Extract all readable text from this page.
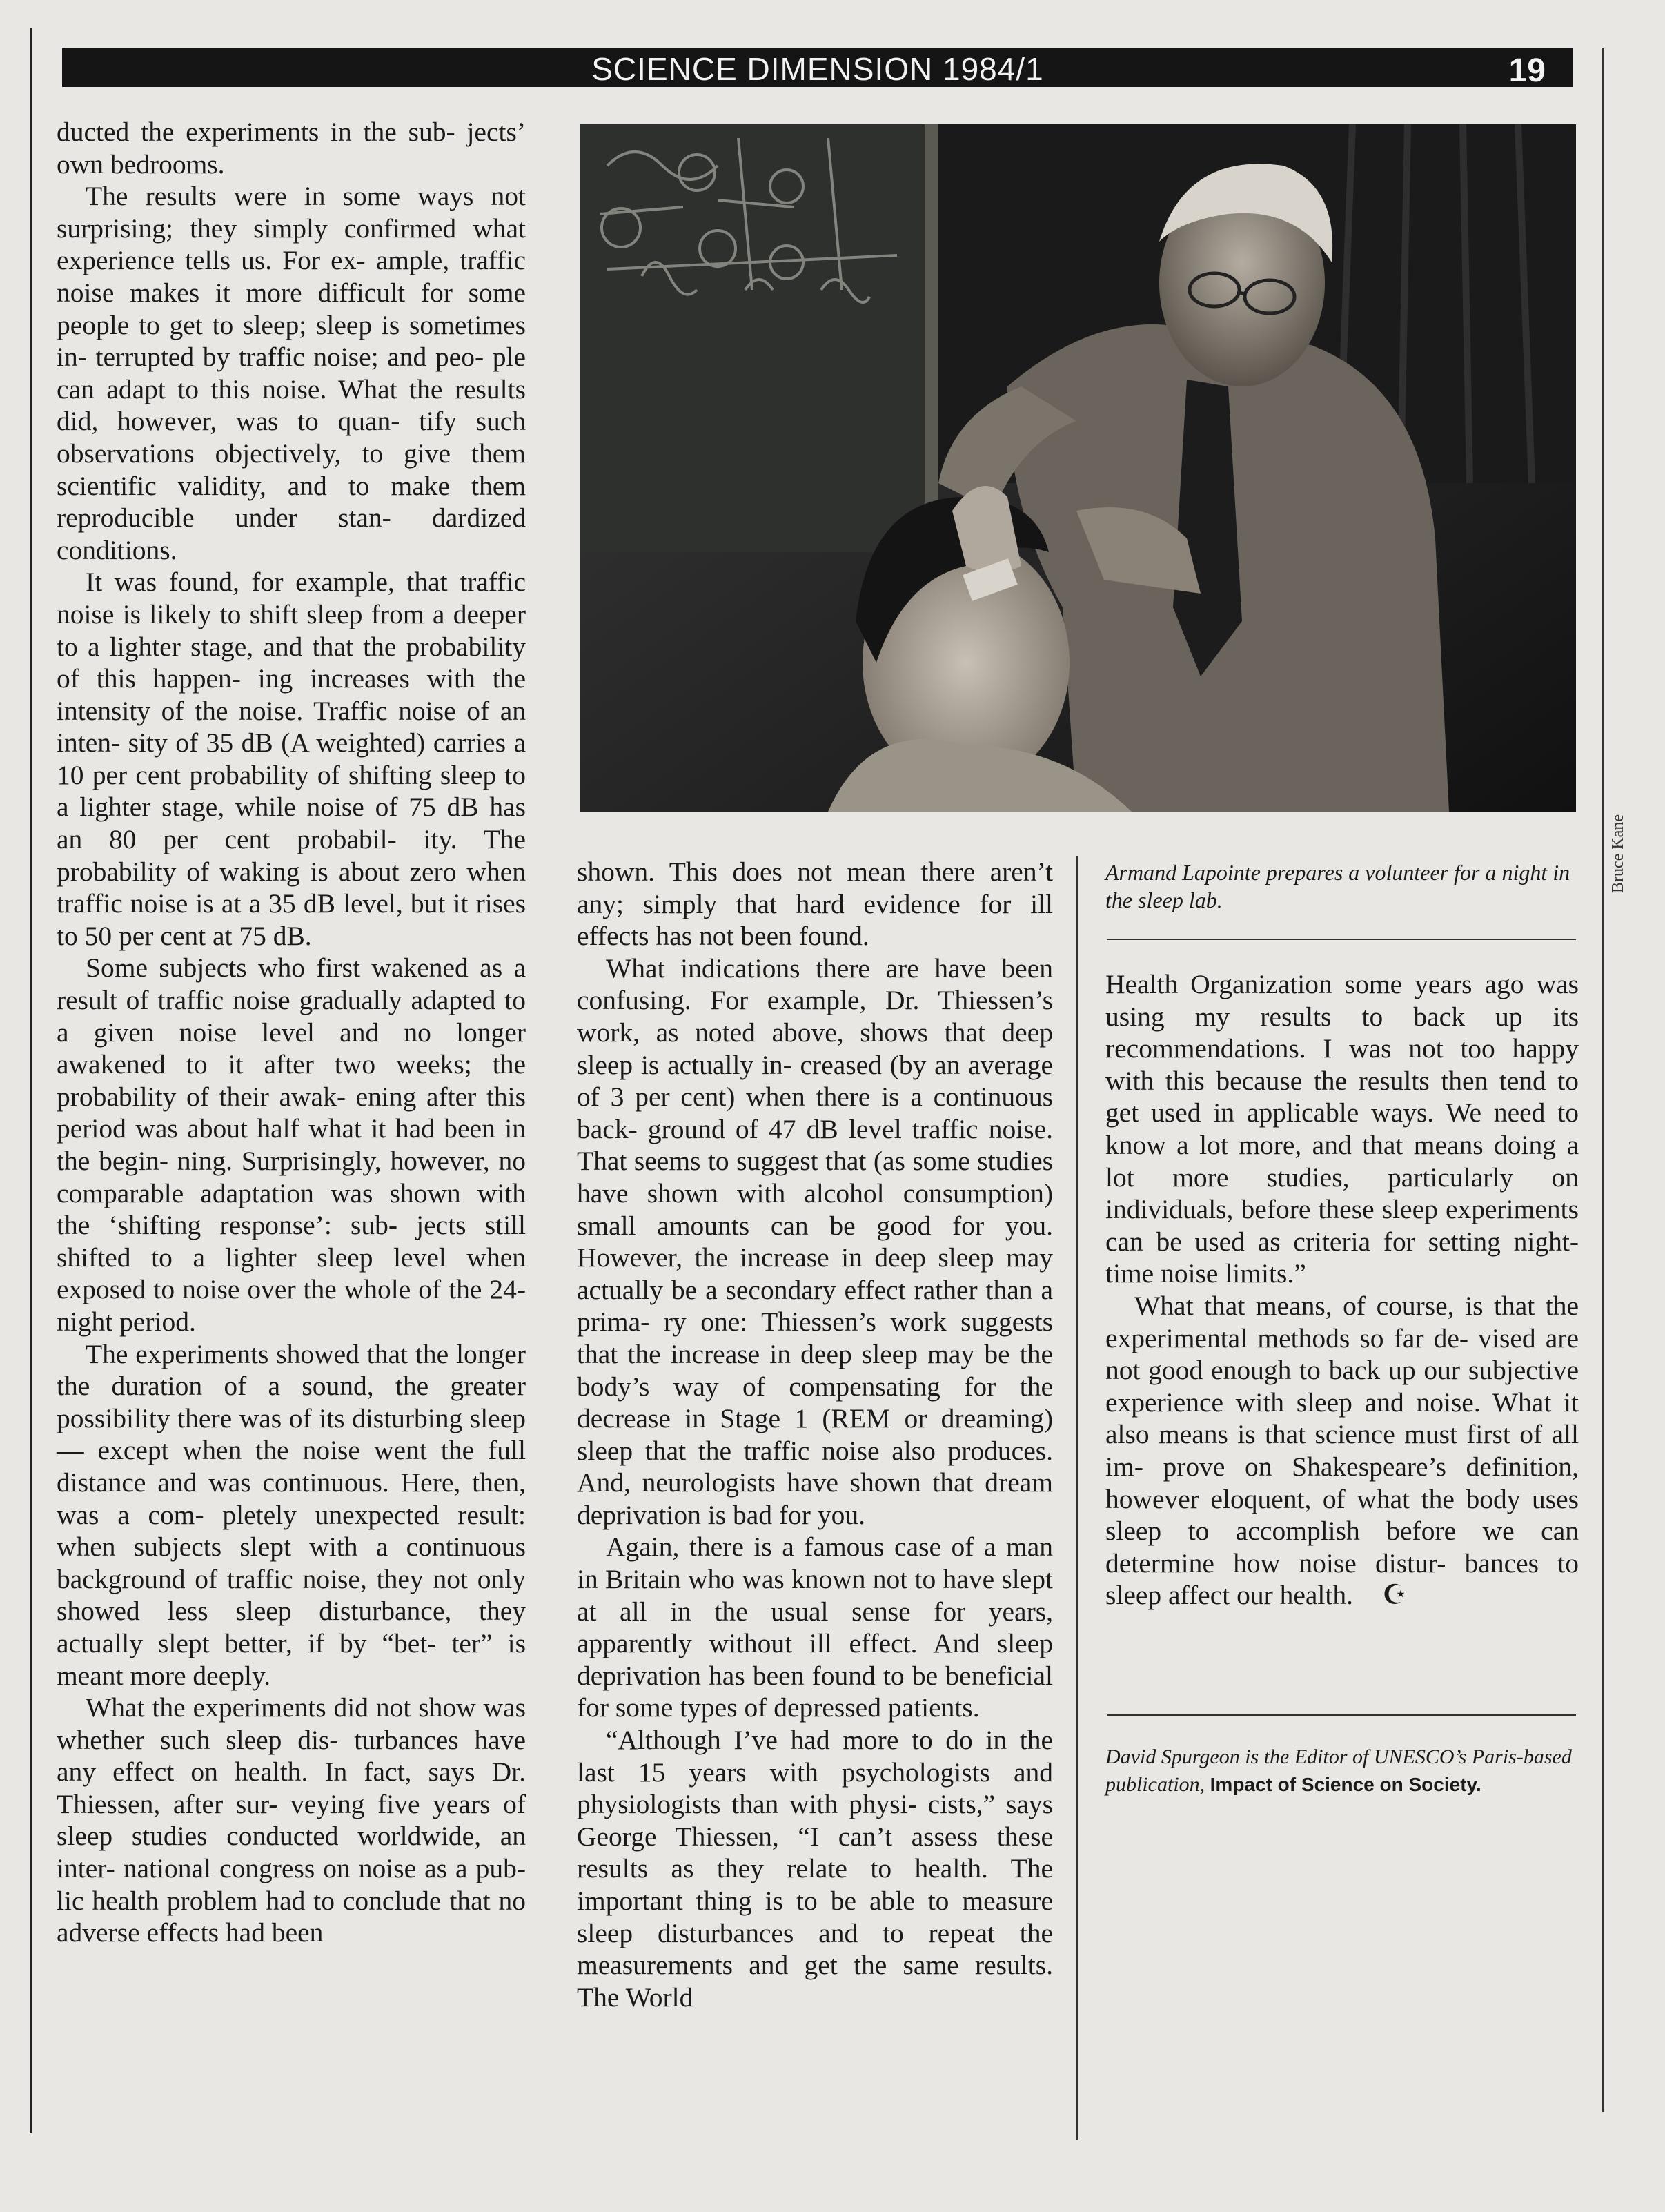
SCIENCE DIMENSION 1984/1	19

ducted the experiments in the sub- jects’ own bedrooms.

The results were in some ways not surprising; they simply confirmed what experience tells us. For ex- ample, traffic noise makes it more difficult for some people to get to sleep; sleep is sometimes in- terrupted by traffic noise; and peo- ple can adapt to this noise. What the results did, however, was to quan- tify such observations objectively, to give them scientific validity, and to make them reproducible under stan- dardized conditions.

It was found, for example, that traffic noise is likely to shift sleep from a deeper to a lighter stage, and that the probability of this happen- ing increases with the intensity of the noise. Traffic noise of an inten- sity of 35 dB (A weighted) carries a 10 per cent probability of shifting sleep to a lighter stage, while noise of 75 dB has an 80 per cent probabil- ity. The probability of waking is about zero when traffic noise is at a 35 dB level, but it rises to 50 per cent at 75 dB.

Some subjects who first wakened as a result of traffic noise gradually adapted to a given noise level and no longer awakened to it after two weeks; the probability of their awak- ening after this period was about half what it had been in the begin- ning. Surprisingly, however, no comparable adaptation was shown with the ‘shifting response’: sub- jects still shifted to a lighter sleep level when exposed to noise over the whole of the 24-night period.

The experiments showed that the longer the duration of a sound, the greater possibility there was of its disturbing sleep — except when the noise went the full distance and was continuous. Here, then, was a com- pletely unexpected result: when subjects slept with a continuous background of traffic noise, they not only showed less sleep disturbance, they actually slept better, if by “bet- ter” is meant more deeply.

What the experiments did not show was whether such sleep dis- turbances have any effect on health. In fact, says Dr. Thiessen, after sur- veying five years of sleep studies conducted worldwide, an inter- national congress on noise as a pub- lic health problem had to conclude that no adverse effects had been

Bruce Kane
Armand Lapointe prepares a volunteer for a night in the sleep lab.

shown. This does not mean there aren’t any; simply that hard evidence for ill effects has not been found.

What indications there are have been confusing. For example, Dr. Thiessen’s work, as noted above, shows that deep sleep is actually in- creased (by an average of 3 per cent) when there is a continuous back- ground of 47 dB level traffic noise. That seems to suggest that (as some studies have shown with alcohol consumption) small amounts can be good for you. However, the increase in deep sleep may actually be a secondary effect rather than a prima- ry one: Thiessen’s work suggests that the increase in deep sleep may be the body’s way of compensating for the decrease in Stage 1 (REM or dreaming) sleep that the traffic noise also produces. And, neurologists have shown that dream deprivation is bad for you.

Again, there is a famous case of a man in Britain who was known not to have slept at all in the usual sense for years, apparently without ill effect. And sleep deprivation has been found to be beneficial for some types of depressed patients.

“Although I’ve had more to do in the last 15 years with psychologists and physiologists than with physi- cists,” says George Thiessen, “I can’t assess these results as they relate to health. The important thing is to be able to measure sleep disturbances and to repeat the measurements and get the same results. The World

Health Organization some years ago was using my results to back up its recommendations. I was not too happy with this because the results then tend to get used in applicable ways. We need to know a lot more, and that means doing a lot more studies, particularly on individuals, before these sleep experiments can be used as criteria for setting night- time noise limits.”

What that means, of course, is that the experimental methods so far de- vised are not good enough to back up our subjective experience with sleep and noise. What it also means is that science must first of all im- prove on Shakespeare’s definition, however eloquent, of what the body uses sleep to accomplish before we can determine how noise distur- bances to sleep affect our health. ☪

David Spurgeon is the Editor of UNESCO’s Paris-based publication, Impact of Science on Society.
